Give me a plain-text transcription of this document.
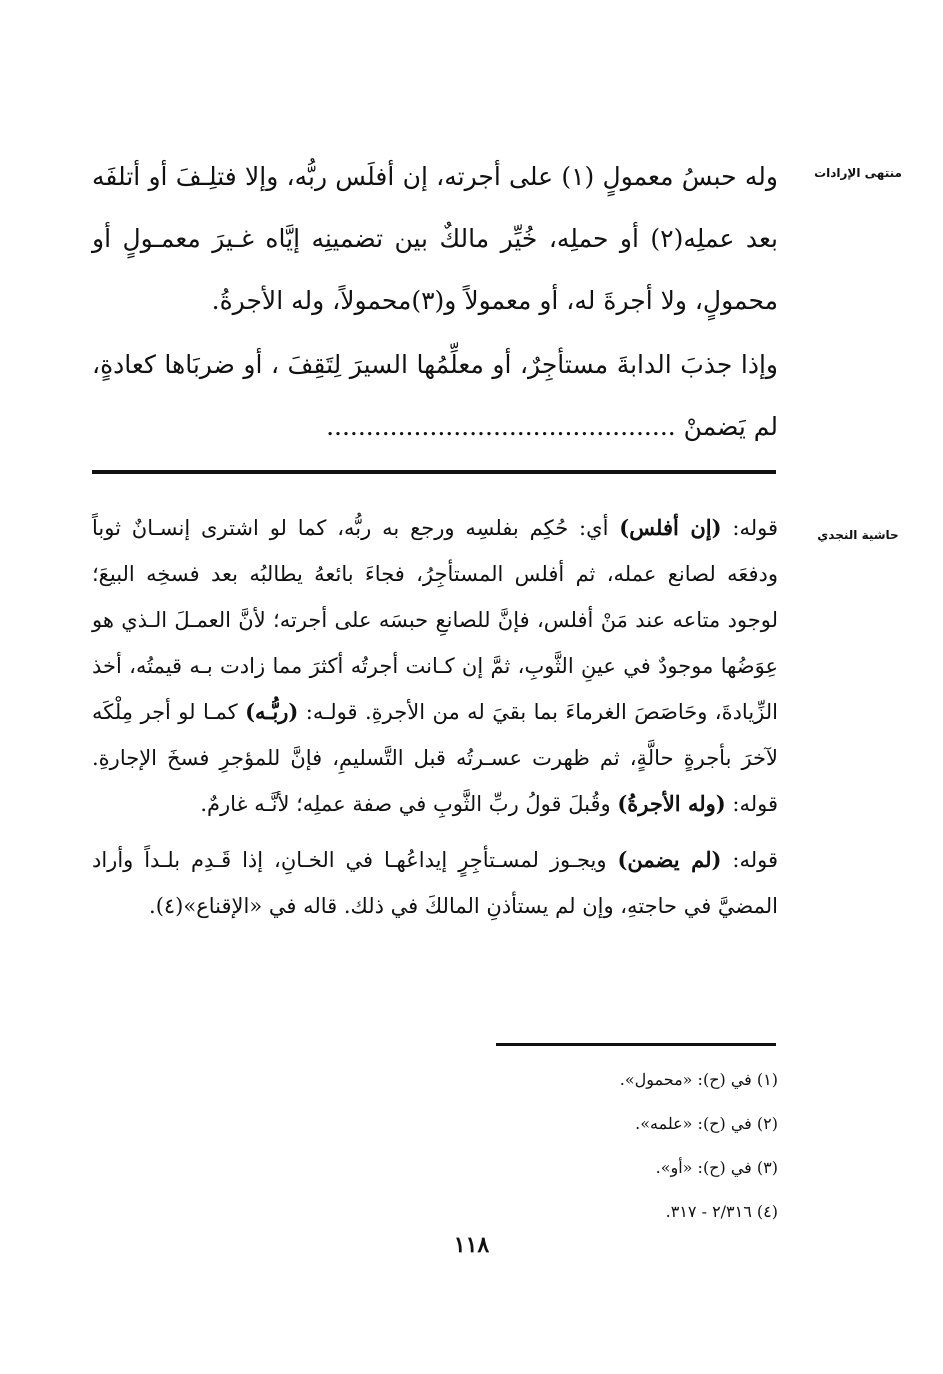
منتهى الإرادات

وله حبسُ معمولٍ (١) على أجرته، إن أفلَس ربُّه، وإلا فتلِـفَ أو أتلفَه بعد عملِه(٢) أو حملِه، خُيِّر مالكٌ بين تضمينِه إيَّاه غـيرَ معمـولٍ أو محمولٍ، ولا أجرةَ له، أو معمولاً و(٣)محمولاً، وله الأجرةُ.

وإذا جذبَ الدابةَ مستأجِرٌ، أو معلِّمُها السيرَ لِتَقِفَ ، أو ضربَاها كعادةٍ، لم يَضمنْ ............................................

حاشية النجدي

قوله: (إن أفلس) أي: حُكِم بفلسِه ورجع به ربُّه، كما لو اشترى إنسـانٌ ثوباً ودفعَه لصانع عمله، ثم أفلس المستأجِرُ، فجاءَ بائعهُ يطالبُه بعد فسخِه البيعَ؛ لوجود متاعه عند مَنْ أفلس، فإنَّ للصانعِ حبسَه على أجرته؛ لأنَّ العمـلَ الـذي هو عِوَضُها موجودٌ في عينِ الثَّوبِ، ثمَّ إن كـانت أجرتُه أكثرَ مما زادت بـه قيمتُه، أخذ الزِّيادةَ، وحَاصَصَ الغرماءَ بما بقيَ له من الأجرةِ. قولـه: (ربُّـه) كمـا لو أجر مِلْكَه لآخرَ بأجرةٍ حالَّةٍ، ثم ظهرت عسـرتُه قبل التَّسليمِ، فإنَّ للمؤجرِ فسخَ الإجارةِ. قوله: (وله الأجرةُ) وقُبلَ قولُ ربِّ الثَّوبِ في صفة عملِه؛ لأنَّـه غارمٌ.

قوله: (لم يضمن) ويجـوز لمسـتأجِرٍ إيداعُهـا في الخـانِ، إذا قَـدِم بلـداً وأراد المضيَّ في حاجتهِ، وإن لم يستأذنِ المالكَ في ذلك. قاله في «الإقناع»(٤).

(١) في (ح): «محمول».
(٢) في (ح): «علمه».
(٣) في (ح): «أو».
(٤) ٢/٣١٦ - ٣١٧.
١١٨
